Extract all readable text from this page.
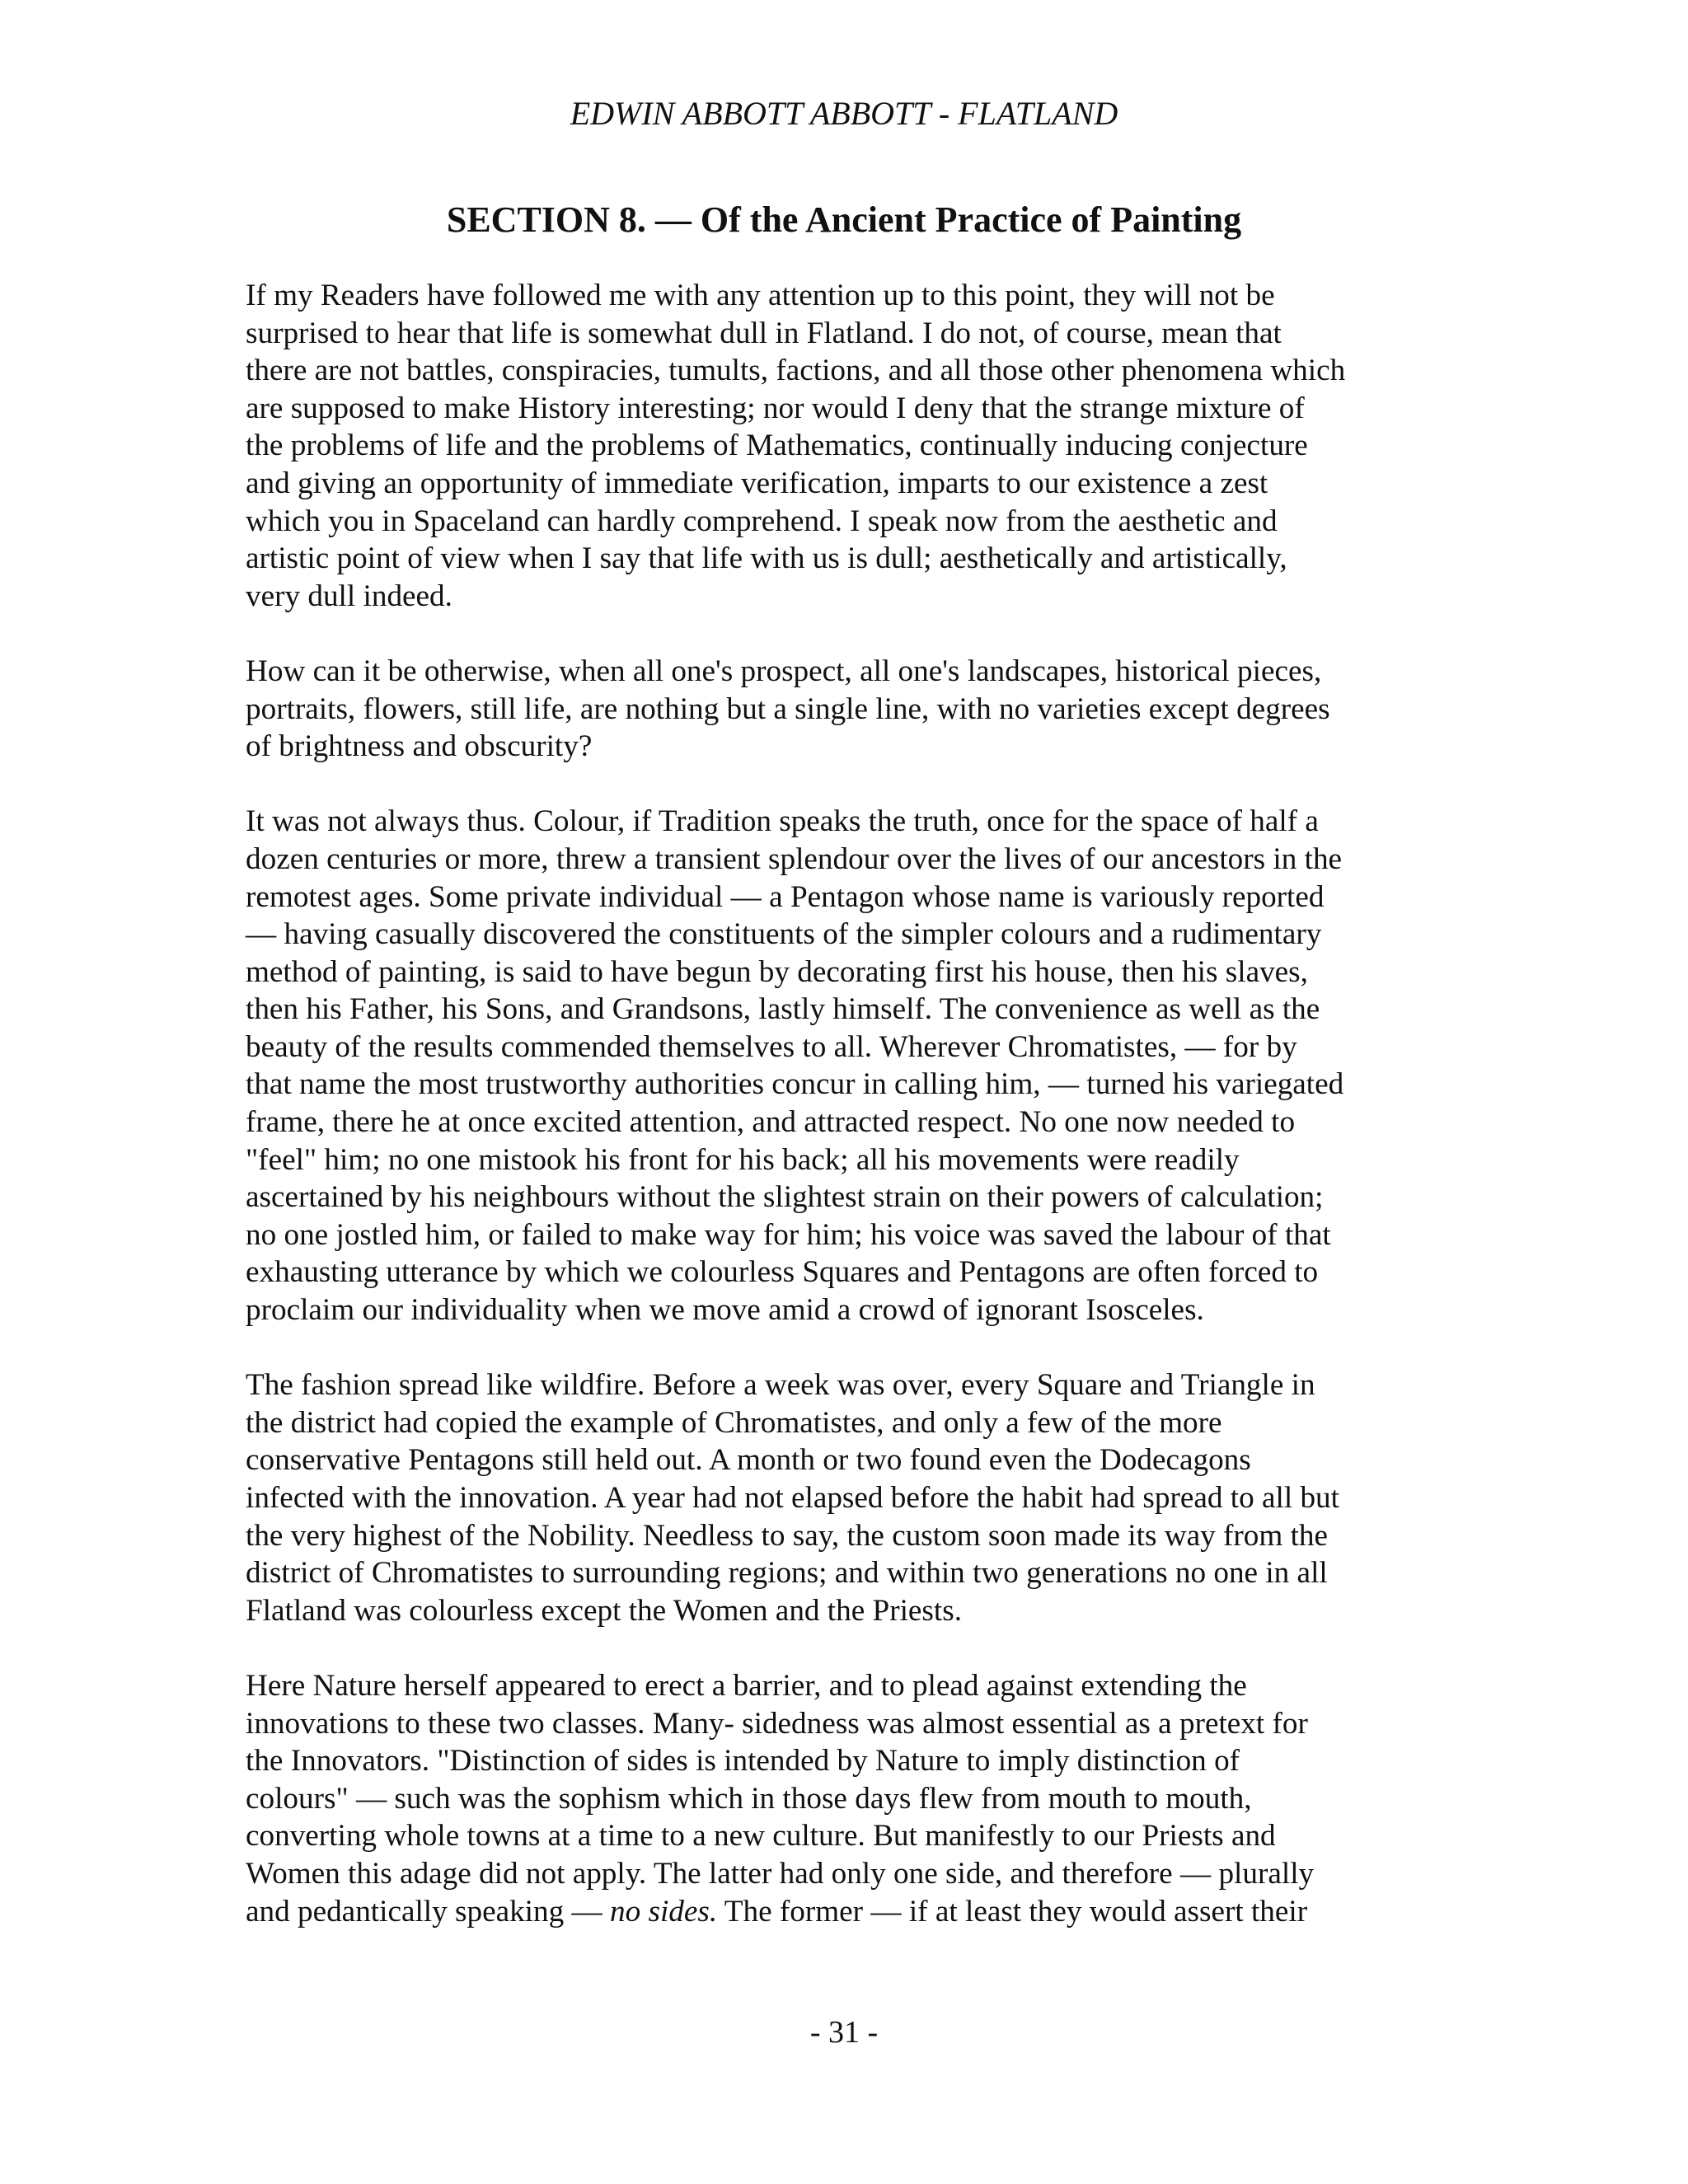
EDWIN ABBOTT ABBOTT - FLATLAND
SECTION 8. — Of the Ancient Practice of Painting

If my Readers have followed me with any attention up to this point, they will not be
surprised to hear that life is somewhat dull in Flatland. I do not, of course, mean that
there are not battles, conspiracies, tumults, factions, and all those other phenomena which
are supposed to make History interesting; nor would I deny that the strange mixture of
the problems of life and the problems of Mathematics, continually inducing conjecture
and giving an opportunity of immediate verification, imparts to our existence a zest
which you in Spaceland can hardly comprehend. I speak now from the aesthetic and
artistic point of view when I say that life with us is dull; aesthetically and artistically,
very dull indeed.

How can it be otherwise, when all one's prospect, all one's landscapes, historical pieces,
portraits, flowers, still life, are nothing but a single line, with no varieties except degrees
of brightness and obscurity?

It was not always thus. Colour, if Tradition speaks the truth, once for the space of half a
dozen centuries or more, threw a transient splendour over the lives of our ancestors in the
remotest ages. Some private individual — a Pentagon whose name is variously reported
— having casually discovered the constituents of the simpler colours and a rudimentary
method of painting, is said to have begun by decorating first his house, then his slaves,
then his Father, his Sons, and Grandsons, lastly himself. The convenience as well as the
beauty of the results commended themselves to all. Wherever Chromatistes, — for by
that name the most trustworthy authorities concur in calling him, — turned his variegated
frame, there he at once excited attention, and attracted respect. No one now needed to
"feel" him; no one mistook his front for his back; all his movements were readily
ascertained by his neighbours without the slightest strain on their powers of calculation;
no one jostled him, or failed to make way for him; his voice was saved the labour of that
exhausting utterance by which we colourless Squares and Pentagons are often forced to
proclaim our individuality when we move amid a crowd of ignorant Isosceles.

The fashion spread like wildfire. Before a week was over, every Square and Triangle in
the district had copied the example of Chromatistes, and only a few of the more
conservative Pentagons still held out. A month or two found even the Dodecagons
infected with the innovation. A year had not elapsed before the habit had spread to all but
the very highest of the Nobility. Needless to say, the custom soon made its way from the
district of Chromatistes to surrounding regions; and within two generations no one in all
Flatland was colourless except the Women and the Priests.

Here Nature herself appeared to erect a barrier, and to plead against extending the
innovations to these two classes. Many- sidedness was almost essential as a pretext for
the Innovators. "Distinction of sides is intended by Nature to imply distinction of
colours" — such was the sophism which in those days flew from mouth to mouth,
converting whole towns at a time to a new culture. But manifestly to our Priests and
Women this adage did not apply. The latter had only one side, and therefore — plurally
and pedantically speaking — no sides. The former — if at least they would assert their

- 31 -
